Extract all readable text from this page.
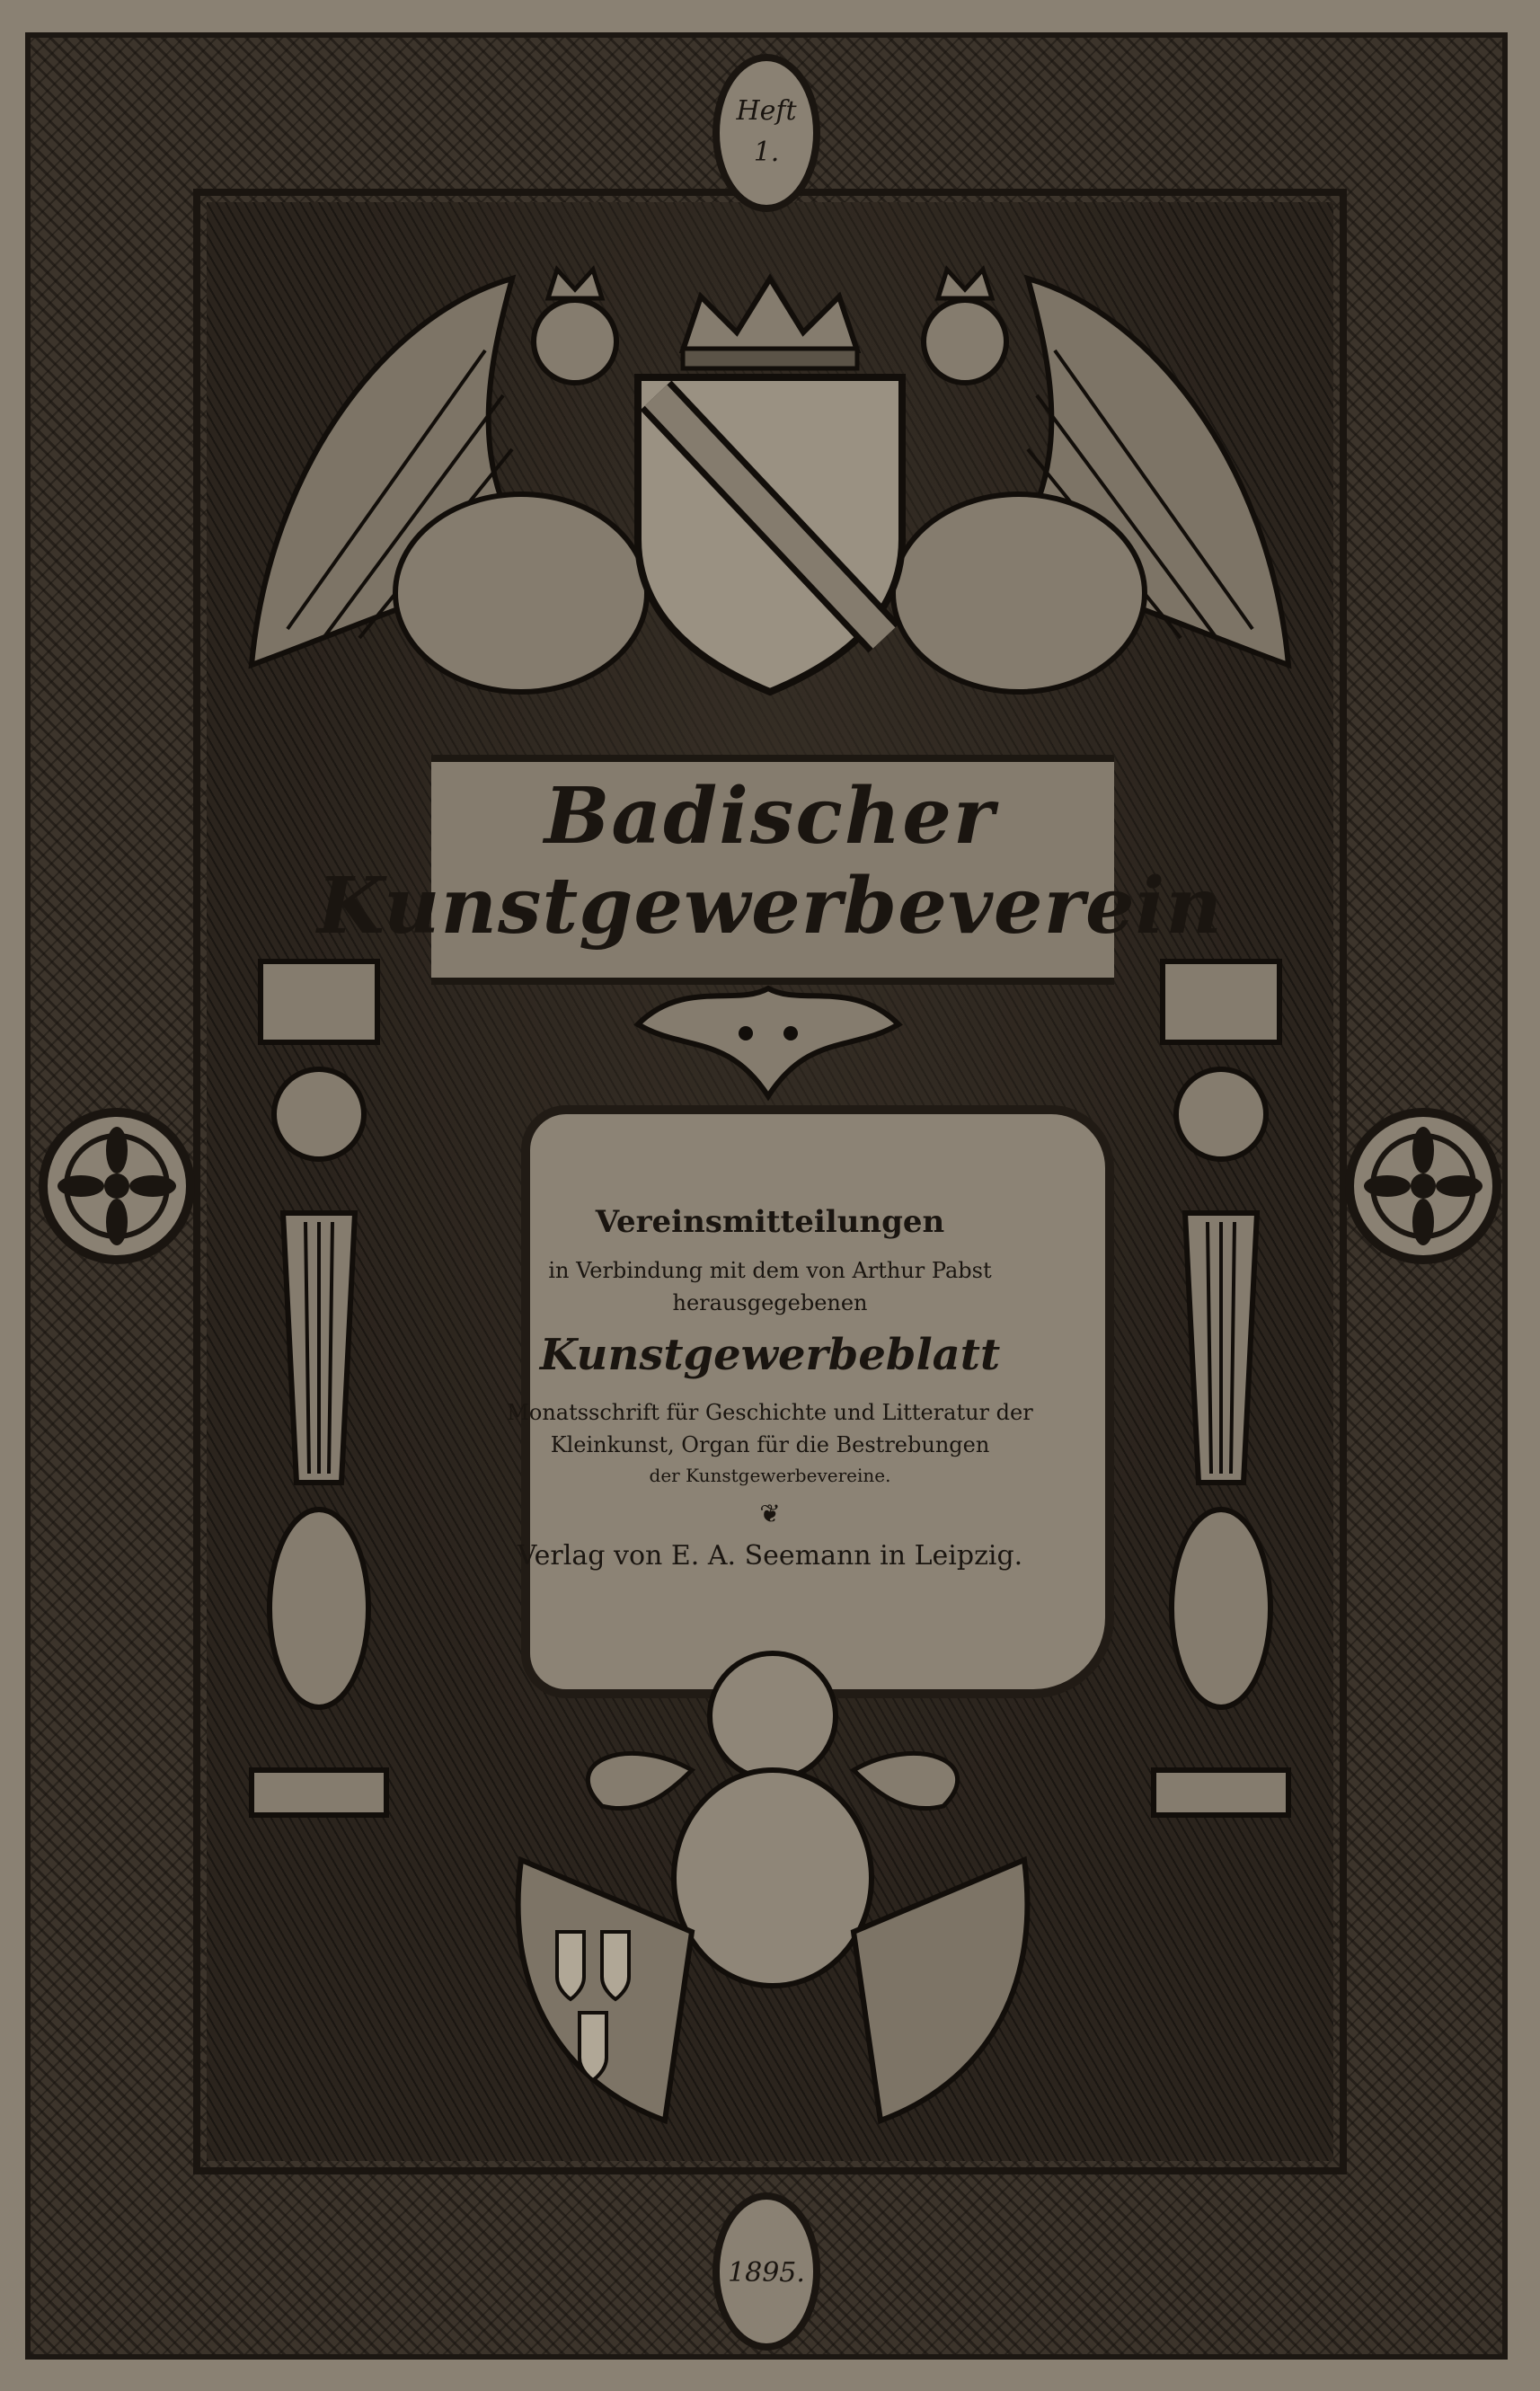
Heft

1.

Badischer

Kunstgewerbeverein

Vereinsmitteilungen

in Verbindung mit dem von Arthur Pabst

herausgegebenen

Kunstgewerbeblatt

Monatsschrift für Geschichte und Litteratur der

Kleinkunst, Organ für die Bestrebungen

der Kunstgewerbevereine.

❦

Verlag von E. A. Seemann in Leipzig.

1895.
